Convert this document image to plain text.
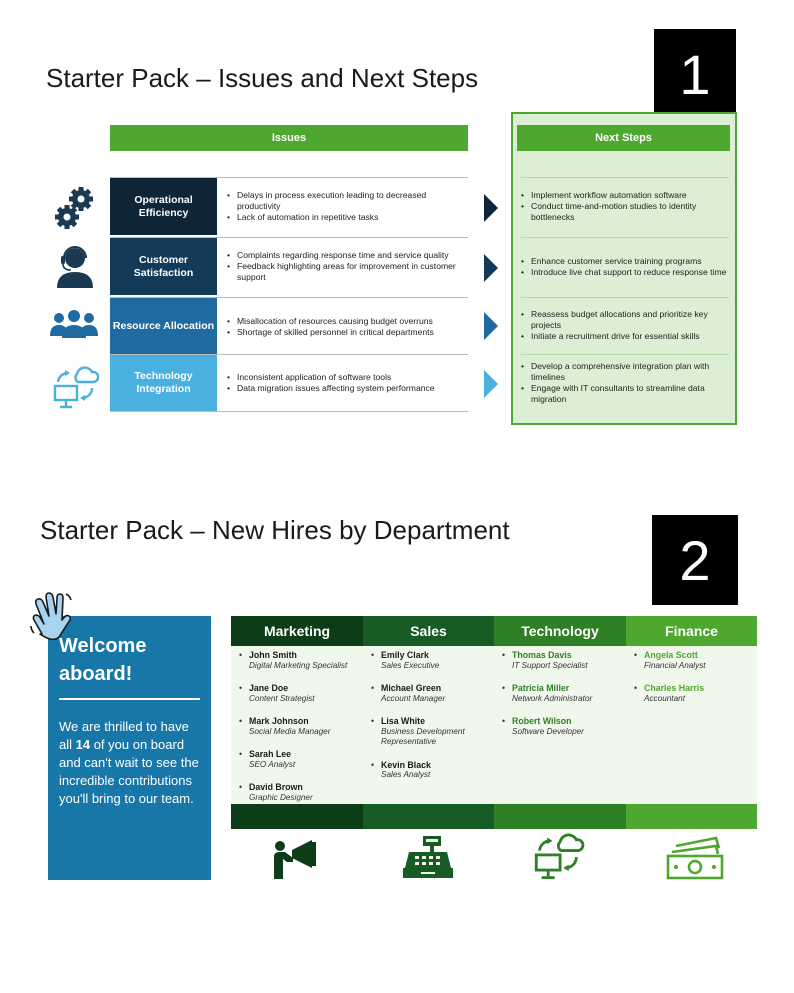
Starter Pack – Issues and Next Steps	1
Issues	Next Steps
Operational Efficiency
• Delays in process execution leading to decreased productivity
• Lack of automation in repetitive tasks
Customer Satisfaction
• Complaints regarding response time and service quality
• Feedback highlighting areas for improvement in customer support
Resource Allocation
•	Misallocation of resources causing budget overruns
• Shortage of skilled personnel in critical departments
Technology Integration
• Inconsistent application of software tools
• Data migration issues affecting system performance
• Implement workflow automation software
• Conduct time-and-motion studies to identity bottlenecks
• Enhance customer service training programs
• Introduce live chat support to reduce response time
• Reassess budget allocations and prioritize key projects
• Initiate a recruitment drive for essential skills
• Develop a comprehensive integration plan with timelines
• Engage with IT consultants to streamline data migration
Starter Pack – New Hires by Department	2
Welcome aboard!
We are thrilled to have all 14 of you on board and can't wait to see the incredible contributions you'll bring to our team.
Marketing	Sales	Technology	Finance
• John Smith
Digital Marketing Specialist
• Jane Doe
Content Strategist
• Mark Johnson
Social Media Manager
• Sarah Lee
SEO Analyst
• David Brown
Graphic Designer
• Emily Clark
Sales Executive
• Michael Green
Account Manager
• Lisa White
Business Development Representative
• Kevin Black
Sales Analyst
• Thomas Davis
IT Support Specialist
• Patricia Miller
Network Administrator
• Robert Wilson
Software Developer
• Angela Scott
Financial Analyst
• Charles Harris
Accountant
